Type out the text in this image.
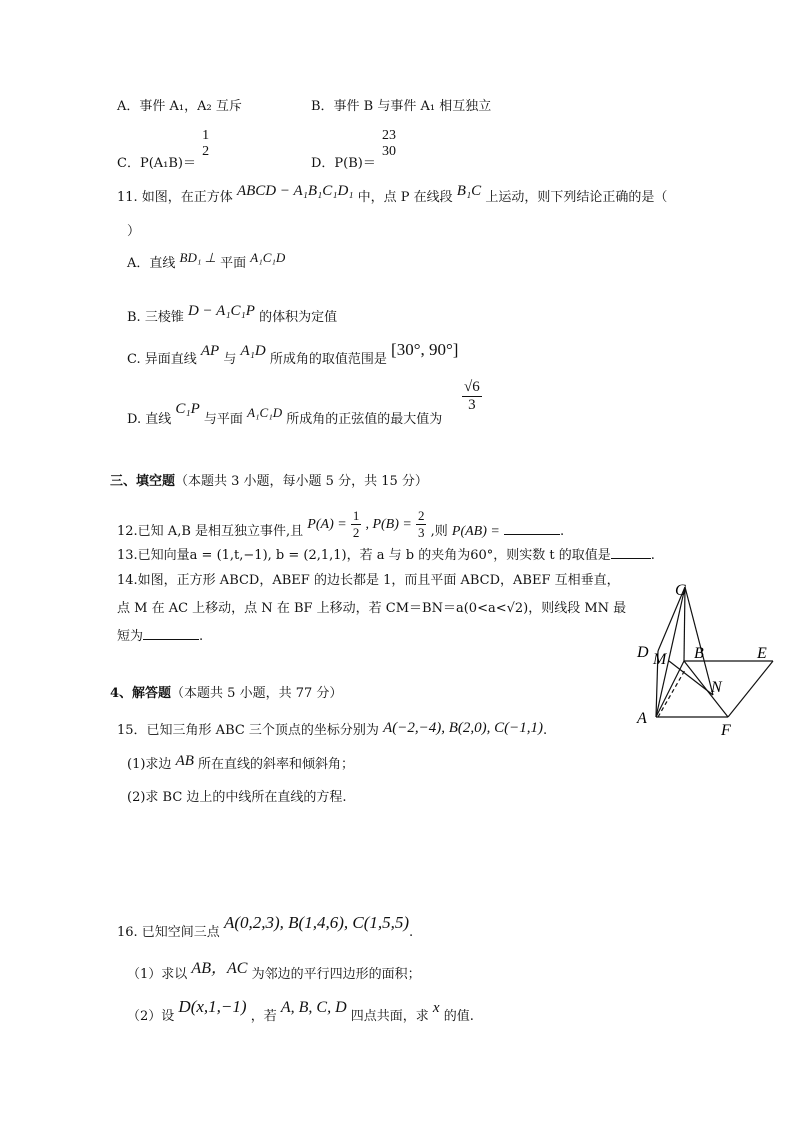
A．事件 A₁，A₂ 互斥	B．事件 B 与事件 A₁ 相互独立
C．P(A₁B)＝
1
2
D．P(B)＝
23
30
11. 如图，在正方体 ABCD − A₁B₁C₁D₁ 中，点 P 在线段 B₁C 上运动，则下列结论正确的是（
）
A．直线 BD₁ ⊥ 平面 A₁C₁D
B. 三棱锥 D − A₁C₁P 的体积为定值
C. 异面直线 AP 与 A₁D 所成角的取值范围是 [30°, 90°]
D. 直线 C₁P 与平面 A₁C₁D 所成角的正弦值的最大值为
$\frac{√6}{3}$
三、填空题（本题共 3 小题，每小题 5 分，共 15 分）
12.已知 A,B 是相互独立事件,且 $P(A) = \frac{1}{2}$ , $P(B) = \frac{2}{3}$ ,则 P(AB) =	.
13.已知向量a = (1,t,−1), b = (2,1,1)，若 a 与 b 的夹角为60°，则实数 t 的取值是	.
14.如图，正方形 ABCD，ABEF 的边长都是 1，而且平面 ABCD，ABEF 互相垂直，
点 M 在 AC 上移动，点 N 在 BF 上移动，若 CM＝BN＝a(0<a<√2)，则线段 MN 最
短为	.
C
D M B	E
N
A
F
4、解答题（本题共 5 小题，共 77 分）
15．已知三角形 ABC 三个顶点的坐标分别为 A(−2,−4), B(2,0), C(−1,1).
(1)求边 AB 所在直线的斜率和倾斜角；
(2)求 BC 边上的中线所在直线的方程.
16. 已知空间三点 A(0,2,3), B(1,4,6), C(1,5,5).
（1）求以 AB，AC 为邻边的平行四边形的面积；
（2）设 D(x,1,−1) ，若 A, B, C, D 四点共面，求 x 的值.
